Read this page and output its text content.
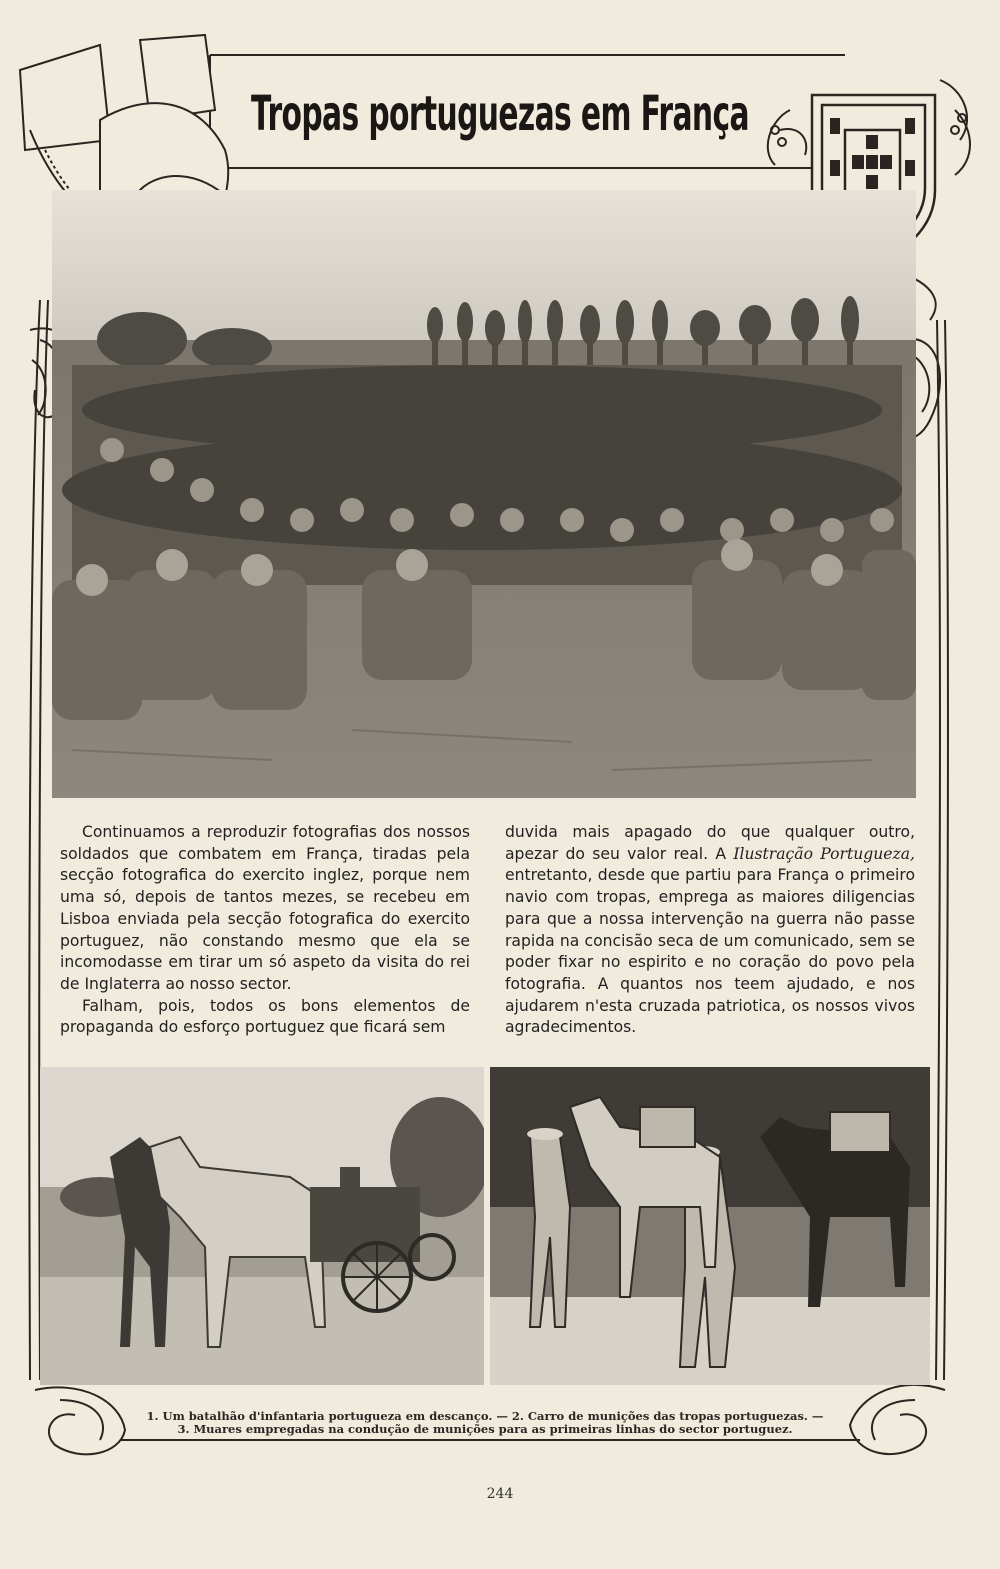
Tropas portuguezas em França

Continuamos a reproduzir fotografias dos nossos soldados que combatem em França, tiradas pela secção fotografica do exercito inglez, porque nem uma só, depois de tantos mezes, se recebeu em Lisboa enviada pela secção fotografica do exercito portuguez, não constando mesmo que ela se incomodasse em tirar um só aspeto da visita do rei de Inglaterra ao nosso sector.

Falham, pois, todos os bons elementos de propaganda do esforço portuguez que ficará sem

duvida mais apagado do que qualquer outro, apezar do seu valor real. A Ilustração Portugueza, entretanto, desde que partiu para França o primeiro navio com tropas, emprega as maiores diligencias para que a nossa intervenção na guerra não passe rapida na concisão seca de um comunicado, sem se poder fixar no espirito e no coração do povo pela fotografia. A quantos nos teem ajudado, e nos ajudarem n'esta cruzada patriotica, os nossos vivos agradecimentos.

1. Um batalhão d'infantaria portugueza em descanço. — 2. Carro de munições das tropas portuguezas. — 3. Muares empregadas na condução de munições para as primeiras linhas do sector portuguez.
244
